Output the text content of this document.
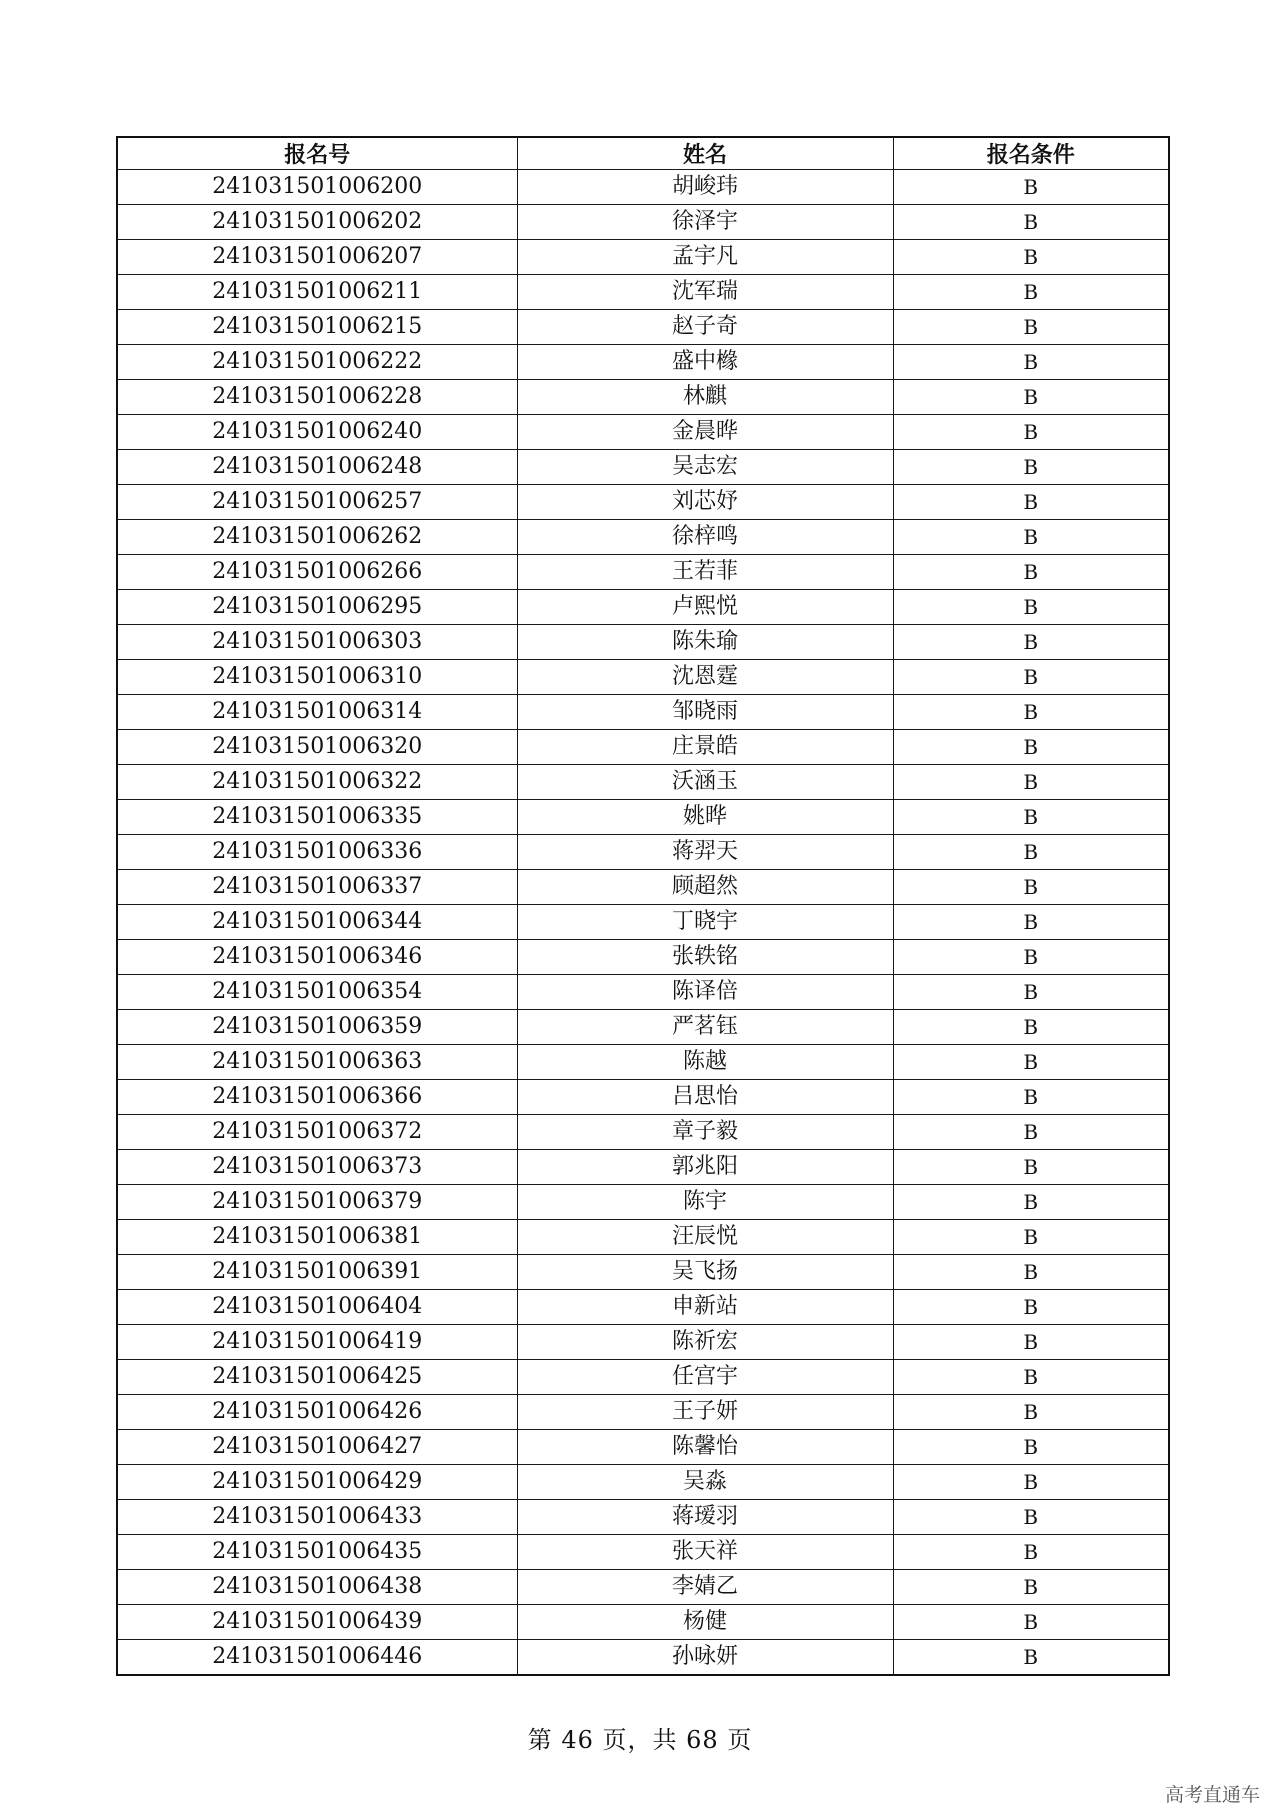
报名号	姓名	报名条件
241031501006200	胡峻玮	B
241031501006202	徐泽宇	B
241031501006207	孟宇凡	B
241031501006211	沈军瑞	B
241031501006215	赵子奇	B
241031501006222	盛中橼	B
241031501006228	林麒	B
241031501006240	金晨晔	B
241031501006248	吴志宏	B
241031501006257	刘芯妤	B
241031501006262	徐梓鸣	B
241031501006266	王若菲	B
241031501006295	卢熙悦	B
241031501006303	陈朱瑜	B
241031501006310	沈恩霆	B
241031501006314	邹晓雨	B
241031501006320	庄景皓	B
241031501006322	沃涵玉	B
241031501006335	姚晔	B
241031501006336	蒋羿天	B
241031501006337	顾超然	B
241031501006344	丁晓宇	B
241031501006346	张轶铭	B
241031501006354	陈译倍	B
241031501006359	严茗钰	B
241031501006363	陈越	B
241031501006366	吕思怡	B
241031501006372	章子毅	B
241031501006373	郭兆阳	B
241031501006379	陈宇	B
241031501006381	汪辰悦	B
241031501006391	吴飞扬	B
241031501006404	申新站	B
241031501006419	陈祈宏	B
241031501006425	任宫宇	B
241031501006426	王子妍	B
241031501006427	陈馨怡	B
241031501006429	吴淼	B
241031501006433	蒋瑷羽	B
241031501006435	张天祥	B
241031501006438	李婧乙	B
241031501006439	杨健	B
241031501006446	孙咏妍	B
第 46 页，共 68 页
高考直通车
